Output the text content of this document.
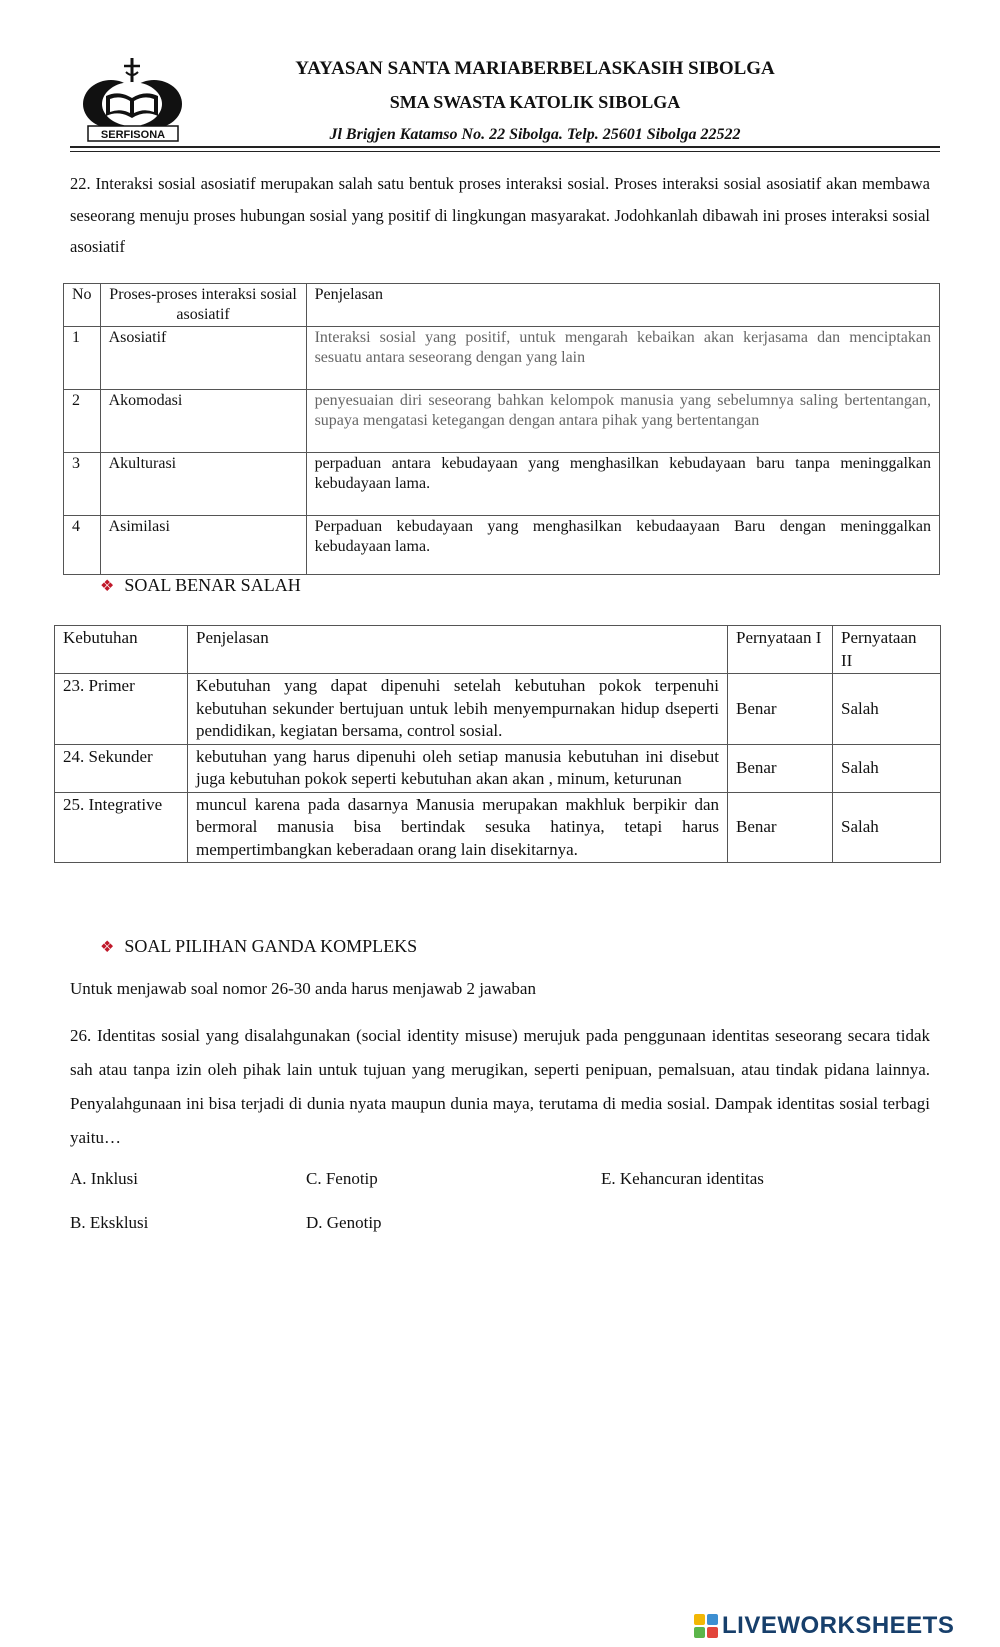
SERFISONA
YAYASAN SANTA MARIABERBELASKASIH SIBOLGA
SMA SWASTA KATOLIK SIBOLGA
Jl Brigjen Katamso No. 22 Sibolga. Telp. 25601 Sibolga 22522
22. Interaksi sosial asosiatif merupakan salah satu bentuk proses interaksi sosial. Proses interaksi sosial asosiatif akan membawa seseorang menuju proses hubungan sosial yang positif di lingkungan masyarakat. Jodohkanlah dibawah ini proses interaksi sosial asosiatif
No	Proses-proses interaksi sosial asosiatif	Penjelasan
1	Asosiatif	Interaksi sosial yang positif, untuk mengarah kebaikan akan kerjasama dan menciptakan sesuatu antara seseorang dengan yang lain
2	Akomodasi	penyesuaian diri seseorang bahkan kelompok manusia yang sebelumnya saling bertentangan, supaya mengatasi ketegangan dengan antara pihak yang bertentangan
3	Akulturasi	perpaduan antara kebudayaan yang menghasilkan kebudayaan baru tanpa meninggalkan kebudayaan lama.
4	Asimilasi	Perpaduan kebudayaan yang menghasilkan kebudaayaan Baru dengan meninggalkan kebudayaan lama.
❖ SOAL BENAR SALAH
Kebutuhan	Penjelasan	Pernyataan I	Pernyataan II
23. Primer	Kebutuhan yang dapat dipenuhi setelah kebutuhan pokok terpenuhi kebutuhan sekunder bertujuan untuk lebih menyempurnakan hidup dseperti pendidikan, kegiatan bersama, control sosial.	Benar	Salah
24. Sekunder	kebutuhan yang harus dipenuhi oleh setiap manusia kebutuhan ini disebut juga kebutuhan pokok seperti kebutuhan akan akan , minum, keturunan	Benar	Salah
25. Integrative	muncul karena pada dasarnya Manusia merupakan makhluk berpikir dan bermoral manusia bisa bertindak sesuka hatinya, tetapi harus mempertimbangkan keberadaan orang lain disekitarnya.	Benar	Salah
❖ SOAL PILIHAN GANDA KOMPLEKS
Untuk menjawab soal nomor 26-30 anda harus menjawab 2 jawaban
26. Identitas sosial yang disalahgunakan (social identity misuse) merujuk pada penggunaan identitas seseorang secara tidak sah atau tanpa izin oleh pihak lain untuk tujuan yang merugikan, seperti penipuan, pemalsuan, atau tindak pidana lainnya. Penyalahgunaan ini bisa terjadi di dunia nyata maupun dunia maya, terutama di media sosial. Dampak identitas sosial terbagi yaitu…
A. Inklusi	C. Fenotip	E. Kehancuran identitas
B. Eksklusi	D. Genotip
LIVEWORKSHEETS
